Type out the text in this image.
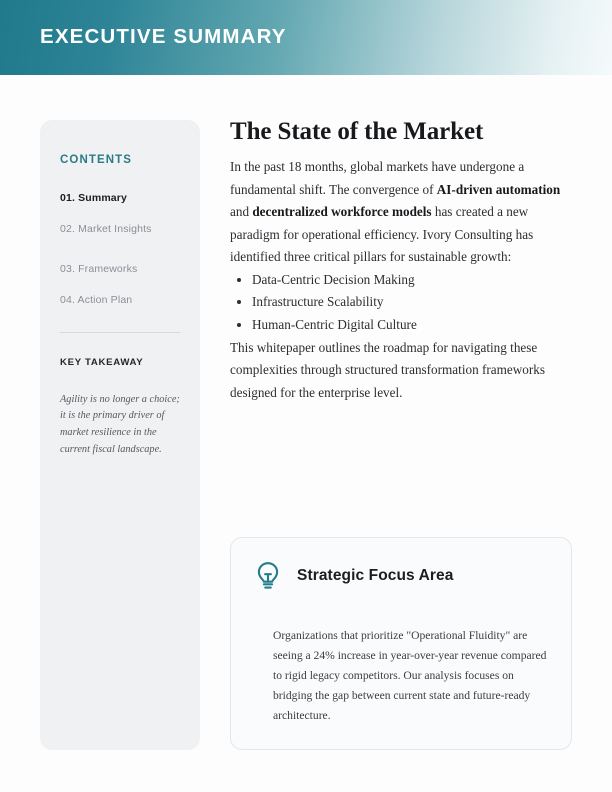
EXECUTIVE SUMMARY
CONTENTS
01. Summary
02. Market Insights
03. Frameworks
04. Action Plan
KEY TAKEAWAY
Agility is no longer a choice; it is the primary driver of market resilience in the current fiscal landscape.
The State of the Market

In the past 18 months, global markets have undergone a fundamental shift. The convergence of AI-driven automation and decentralized workforce models has created a new paradigm for operational efficiency. Ivory Consulting has identified three critical pillars for sustainable growth:

• Data-Centric Decision Making
• Infrastructure Scalability
• Human-Centric Digital Culture

This whitepaper outlines the roadmap for navigating these complexities through structured transformation frameworks designed for the enterprise level.

Strategic Focus Area
Organizations that prioritize "Operational Fluidity" are seeing a 24% increase in year-over-year revenue compared to rigid legacy competitors. Our analysis focuses on bridging the gap between current state and future-ready architecture.
